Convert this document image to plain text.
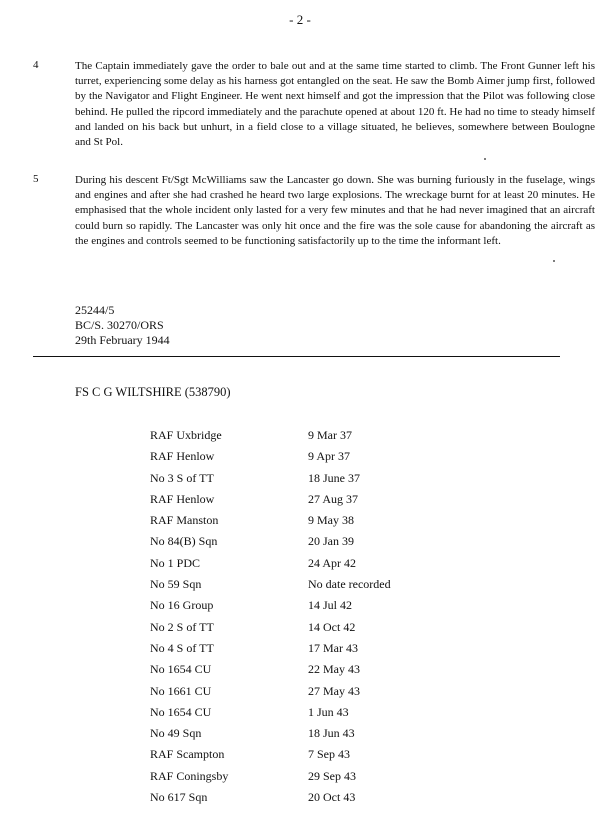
- 2 -
4	The Captain immediately gave the order to bale out and at the same time started to climb. The Front Gunner left his turret, experiencing some delay as his harness got entangled on the seat. He saw the Bomb Aimer jump first, followed by the Navigator and Flight Engineer. He went next himself and got the impression that the Pilot was following close behind. He pulled the ripcord immediately and the parachute opened at about 120 ft. He had no time to steady himself and landed on his back but unhurt, in a field close to a village situated, he believes, somewhere between Boulogne and St Pol.
5	During his descent Ft/Sgt McWilliams saw the Lancaster go down. She was burning furiously in the fuselage, wings and engines and after she had crashed he heard two large explosions. The wreckage burnt for at least 20 minutes. He emphasised that the whole incident only lasted for a very few minutes and that he had never imagined that an aircraft could burn so rapidly. The Lancaster was only hit once and the fire was the sole cause for abandoning the aircraft as the engines and controls seemed to be functioning satisfactorily up to the time the informant left.
25244/5
BC/S. 30270/ORS
29th February 1944
FS C G WILTSHIRE (538790)
RAF Uxbridge	9 Mar 37
RAF Henlow	9 Apr 37
No 3 S of TT	18 June 37
RAF Henlow	27 Aug 37
RAF Manston	9 May 38
No 84(B) Sqn	20 Jan 39
No 1 PDC	24 Apr 42
No 59 Sqn	No date recorded
No 16 Group	14 Jul 42
No 2 S of TT	14 Oct 42
No 4 S of TT	17 Mar 43
No 1654 CU	22 May 43
No 1661 CU	27 May 43
No 1654 CU	1 Jun 43
No 49 Sqn	18 Jun 43
RAF Scampton	7 Sep 43
RAF Coningsby	29 Sep 43
No 617 Sqn	20 Oct 43
